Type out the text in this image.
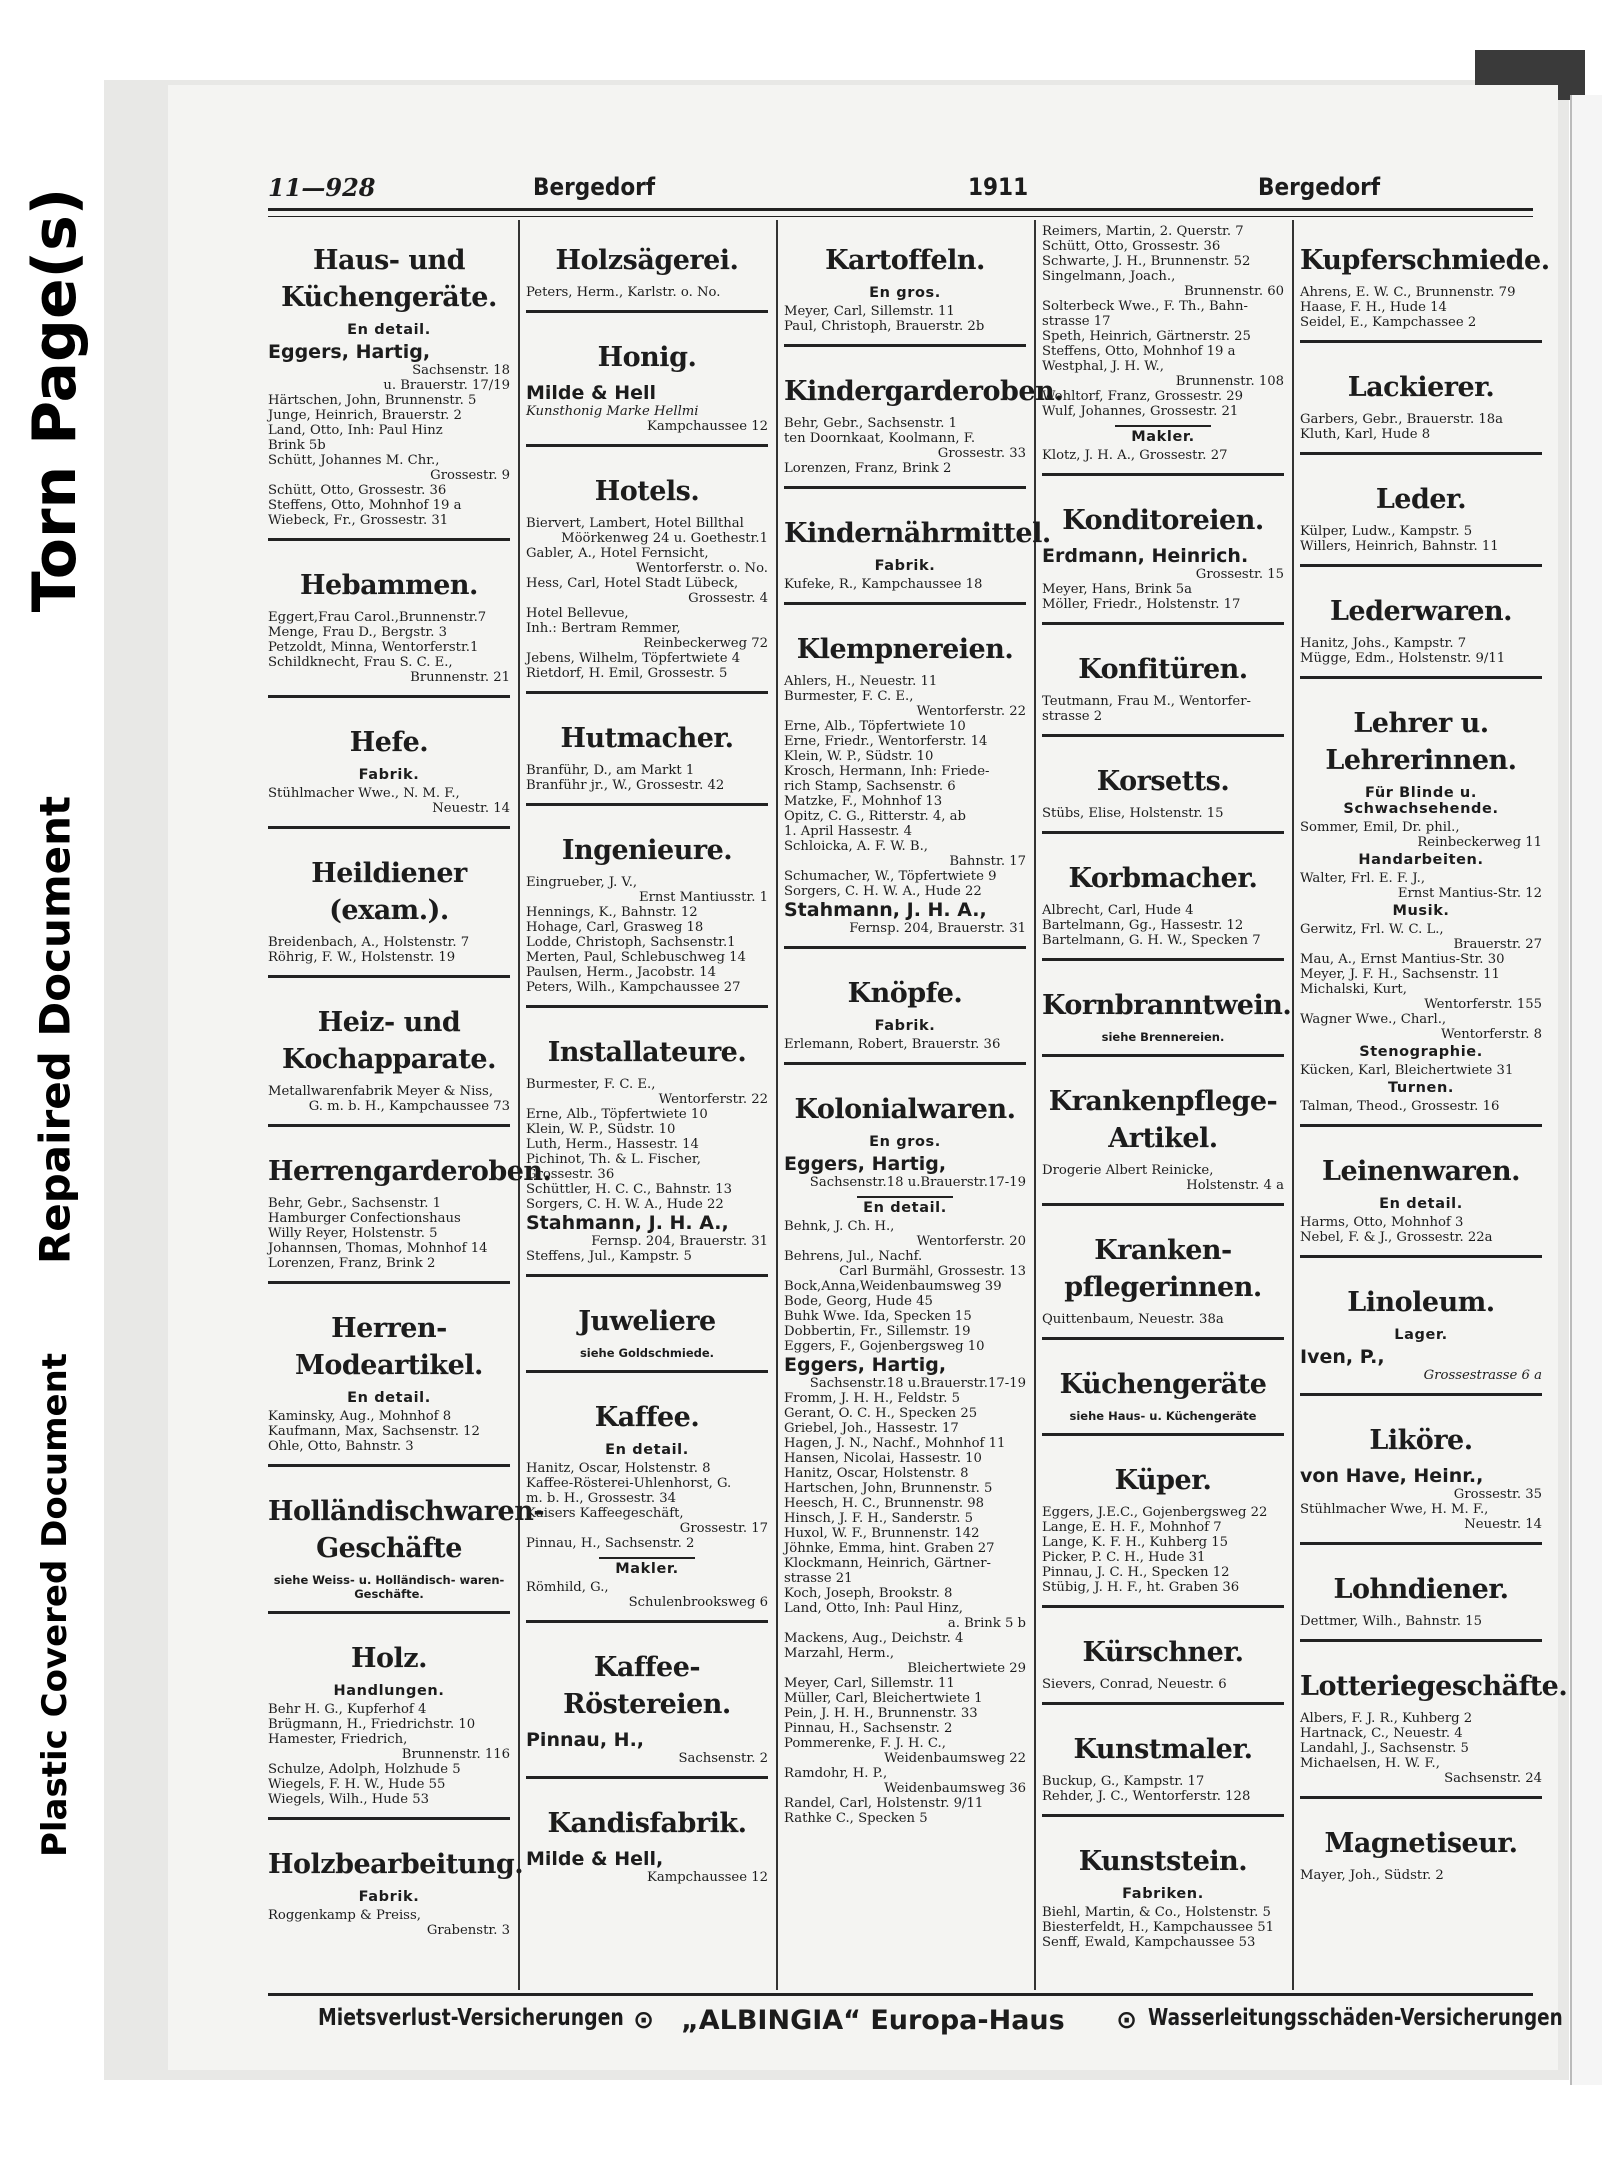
Torn Page(s)
Repaired Document
Plastic Covered Document
11—928	Bergedorf	1911	Bergedorf
Haus- und Küchengeräte.
En detail.
Eggers, Hartig,
Sachsenstr. 18
u. Brauerstr. 17/19
Härtschen, John, Brunnenstr. 5
Junge, Heinrich, Brauerstr. 2
Land, Otto, Inh: Paul Hinz
Brink 5b
Schütt, Johannes M. Chr.,
Grossestr. 9
Schütt, Otto, Grossestr. 36
Steffens, Otto, Mohnhof 19 a
Wiebeck, Fr., Grossestr. 31
Hebammen.
Eggert,Frau Carol.,Brunnenstr.7
Menge, Frau D., Bergstr. 3
Petzoldt, Minna, Wentorferstr.1
Schildknecht, Frau S. C. E.,
Brunnenstr. 21
Hefe.
Fabrik.
Stühlmacher Wwe., N. M. F.,
Neuestr. 14
Heildiener (exam.).
Breidenbach, A., Holstenstr. 7
Röhrig, F. W., Holstenstr. 19
Heiz- und Kochapparate.
Metallwarenfabrik Meyer & Niss,
G. m. b. H., Kampchaussee 73
Herrengarderoben.
Behr, Gebr., Sachsenstr. 1
Hamburger Confectionshaus
Willy Reyer, Holstenstr. 5
Johannsen, Thomas, Mohnhof 14
Lorenzen, Franz, Brink 2
Herren- Modeartikel.
En detail.
Kaminsky, Aug., Mohnhof 8
Kaufmann, Max, Sachsenstr. 12
Ohle, Otto, Bahnstr. 3
Holländischwaren- Geschäfte
siehe Weiss- u. Holländisch- waren-Geschäfte.
Holz.
Handlungen.
Behr H. G., Kupferhof 4
Brügmann, H., Friedrichstr. 10
Hamester, Friedrich,
Brunnenstr. 116
Schulze, Adolph, Holzhude 5
Wiegels, F. H. W., Hude 55
Wiegels, Wilh., Hude 53
Holzbearbeitung.
Fabrik.
Roggenkamp & Preiss,
Grabenstr. 3
Holzsägerei.
Peters, Herm., Karlstr. o. No.
Honig.
Milde & Hell
Kunsthonig Marke Hellmi
Kampchaussee 12
Hotels.
Biervert, Lambert, Hotel Billthal
Möörkenweg 24 u. Goethestr.1
Gabler, A., Hotel Fernsicht,
Wentorferstr. o. No.
Hess, Carl, Hotel Stadt Lübeck,
Grossestr. 4
Hotel Bellevue,
Inh.: Bertram Remmer,
Reinbeckerweg 72
Jebens, Wilhelm, Töpfertwiete 4
Rietdorf, H. Emil, Grossestr. 5
Hutmacher.
Branführ, D., am Markt 1
Branführ jr., W., Grossestr. 42
Ingenieure.
Eingrueber, J. V.,
Ernst Mantiusstr. 1
Hennings, K., Bahnstr. 12
Hohage, Carl, Grasweg 18
Lodde, Christoph, Sachsenstr.1
Merten, Paul, Schlebuschweg 14
Paulsen, Herm., Jacobstr. 14
Peters, Wilh., Kampchaussee 27
Installateure.
Burmester, F. C. E.,
Wentorferstr. 22
Erne, Alb., Töpfertwiete 10
Klein, W. P., Südstr. 10
Luth, Herm., Hassestr. 14
Pichinot, Th. & L. Fischer,
Grossestr. 36
Schüttler, H. C. C., Bahnstr. 13
Sorgers, C. H. W. A., Hude 22
Stahmann, J. H. A.,
Fernsp. 204, Brauerstr. 31
Steffens, Jul., Kampstr. 5
Juweliere
siehe Goldschmiede.
Kaffee.
En detail.
Hanitz, Oscar, Holstenstr. 8
Kaffee-Rösterei-Uhlenhorst, G.
m. b. H., Grossestr. 34
Kaisers Kaffeegeschäft,
Grossestr. 17
Pinnau, H., Sachsenstr. 2
Makler.
Römhild, G.,
Schulenbrooksweg 6
Kaffee-Röstereien.
Pinnau, H.,
Sachsenstr. 2
Kandisfabrik.
Milde & Hell,
Kampchaussee 12
Kartoffeln.
En gros.
Meyer, Carl, Sillemstr. 11
Paul, Christoph, Brauerstr. 2b
Kindergarderoben.
Behr, Gebr., Sachsenstr. 1
ten Doornkaat, Koolmann, F.
Grossestr. 33
Lorenzen, Franz, Brink 2
Kindernährmittel.
Fabrik.
Kufeke, R., Kampchaussee 18
Klempnereien.
Ahlers, H., Neuestr. 11
Burmester, F. C. E.,
Wentorferstr. 22
Erne, Alb., Töpfertwiete 10
Erne, Friedr., Wentorferstr. 14
Klein, W. P., Südstr. 10
Krosch, Hermann, Inh: Friede-
rich Stamp, Sachsenstr. 6
Matzke, F., Mohnhof 13
Opitz, C. G., Ritterstr. 4, ab
1. April Hassestr. 4
Schloicka, A. F. W. B.,
Bahnstr. 17
Schumacher, W., Töpfertwiete 9
Sorgers, C. H. W. A., Hude 22
Stahmann, J. H. A.,
Fernsp. 204, Brauerstr. 31
Knöpfe.
Fabrik.
Erlemann, Robert, Brauerstr. 36
Kolonialwaren.
En gros.
Eggers, Hartig,
Sachsenstr.18 u.Brauerstr.17-19
En detail.
Behnk, J. Ch. H.,
Wentorferstr. 20
Behrens, Jul., Nachf.
Carl Burmähl, Grossestr. 13
Bock,Anna,Weidenbaumsweg 39
Bode, Georg, Hude 45
Buhk Wwe. Ida, Specken 15
Dobbertin, Fr., Sillemstr. 19
Eggers, F., Gojenbergsweg 10
Eggers, Hartig,
Sachsenstr.18 u.Brauerstr.17-19
Fromm, J. H. H., Feldstr. 5
Gerant, O. C. H., Specken 25
Griebel, Joh., Hassestr. 17
Hagen, J. N., Nachf., Mohnhof 11
Hansen, Nicolai, Hassestr. 10
Hanitz, Oscar, Holstenstr. 8
Hartschen, John, Brunnenstr. 5
Heesch, H. C., Brunnenstr. 98
Hinsch, J. F. H., Sanderstr. 5
Huxol, W. F., Brunnenstr. 142
Jöhnke, Emma, hint. Graben 27
Klockmann, Heinrich, Gärtner-
strasse 21
Koch, Joseph, Brookstr. 8
Land, Otto, Inh: Paul Hinz,
a. Brink 5 b
Mackens, Aug., Deichstr. 4
Marzahl, Herm.,
Bleichertwiete 29
Meyer, Carl, Sillemstr. 11
Müller, Carl, Bleichertwiete 1
Pein, J. H. H., Brunnenstr. 33
Pinnau, H., Sachsenstr. 2
Pommerenke, F. J. H. C.,
Weidenbaumsweg 22
Ramdohr, H. P.,
Weidenbaumsweg 36
Randel, Carl, Holstenstr. 9/11
Rathke C., Specken 5
Reimers, Martin, 2. Querstr. 7
Schütt, Otto, Grossestr. 36
Schwarte, J. H., Brunnenstr. 52
Singelmann, Joach.,
Brunnenstr. 60
Solterbeck Wwe., F. Th., Bahn-
strasse 17
Speth, Heinrich, Gärtnerstr. 25
Steffens, Otto, Mohnhof 19 a
Westphal, J. H. W.,
Brunnenstr. 108
Wohltorf, Franz, Grossestr. 29
Wulf, Johannes, Grossestr. 21
Makler.
Klotz, J. H. A., Grossestr. 27
Konditoreien.
Erdmann, Heinrich.
Grossestr. 15
Meyer, Hans, Brink 5a
Möller, Friedr., Holstenstr. 17
Konfitüren.
Teutmann, Frau M., Wentorfer-
strasse 2
Korsetts.
Stübs, Elise, Holstenstr. 15
Korbmacher.
Albrecht, Carl, Hude 4
Bartelmann, Gg., Hassestr. 12
Bartelmann, G. H. W., Specken 7
Kornbranntwein.
siehe Brennereien.
Krankenpflege- Artikel.
Drogerie Albert Reinicke,
Holstenstr. 4 a
Kranken- pflegerinnen.
Quittenbaum, Neuestr. 38a
Küchengeräte
siehe Haus- u. Küchengeräte
Küper.
Eggers, J.E.C., Gojenbergsweg 22
Lange, E. H. F., Mohnhof 7
Lange, K. F. H., Kuhberg 15
Picker, P. C. H., Hude 31
Pinnau, J. C. H., Specken 12
Stübig, J. H. F., ht. Graben 36
Kürschner.
Sievers, Conrad, Neuestr. 6
Kunstmaler.
Buckup, G., Kampstr. 17
Rehder, J. C., Wentorferstr. 128
Kunststein.
Fabriken.
Biehl, Martin, & Co., Holstenstr. 5
Biesterfeldt, H., Kampchaussee 51
Senff, Ewald, Kampchaussee 53
Kupferschmiede.
Ahrens, E. W. C., Brunnenstr. 79
Haase, F. H., Hude 14
Seidel, E., Kampchassee 2
Lackierer.
Garbers, Gebr., Brauerstr. 18a
Kluth, Karl, Hude 8
Leder.
Külper, Ludw., Kampstr. 5
Willers, Heinrich, Bahnstr. 11
Lederwaren.
Hanitz, Johs., Kampstr. 7
Mügge, Edm., Holstenstr. 9/11
Lehrer u. Lehrerinnen.
Für Blinde u. Schwachsehende.
Sommer, Emil, Dr. phil.,
Reinbeckerweg 11
Handarbeiten.
Walter, Frl. E. F. J.,
Ernst Mantius-Str. 12
Musik.
Gerwitz, Frl. W. C. L.,
Brauerstr. 27
Mau, A., Ernst Mantius-Str. 30
Meyer, J. F. H., Sachsenstr. 11
Michalski, Kurt,
Wentorferstr. 155
Wagner Wwe., Charl.,
Wentorferstr. 8
Stenographie.
Kücken, Karl, Bleichertwiete 31
Turnen.
Talman, Theod., Grossestr. 16
Leinenwaren.
En detail.
Harms, Otto, Mohnhof 3
Nebel, F. & J., Grossestr. 22a
Linoleum.
Lager.
Iven, P.,
Grossestrasse 6 a
Liköre.
von Have, Heinr.,
Grossestr. 35
Stühlmacher Wwe, H. M. F.,
Neuestr. 14
Lohndiener.
Dettmer, Wilh., Bahnstr. 15
Lotteriegeschäfte.
Albers, F. J. R., Kuhberg 2
Hartnack, C., Neuestr. 4
Landahl, J., Sachsenstr. 5
Michaelsen, H. W. F.,
Sachsenstr. 24
Magnetiseur.
Mayer, Joh., Südstr. 2
Mietsverlust-Versicherungen ⊙ „ALBINGIA“ Europa-Haus ⊙ Wasserleitungsschäden-Versicherungen
